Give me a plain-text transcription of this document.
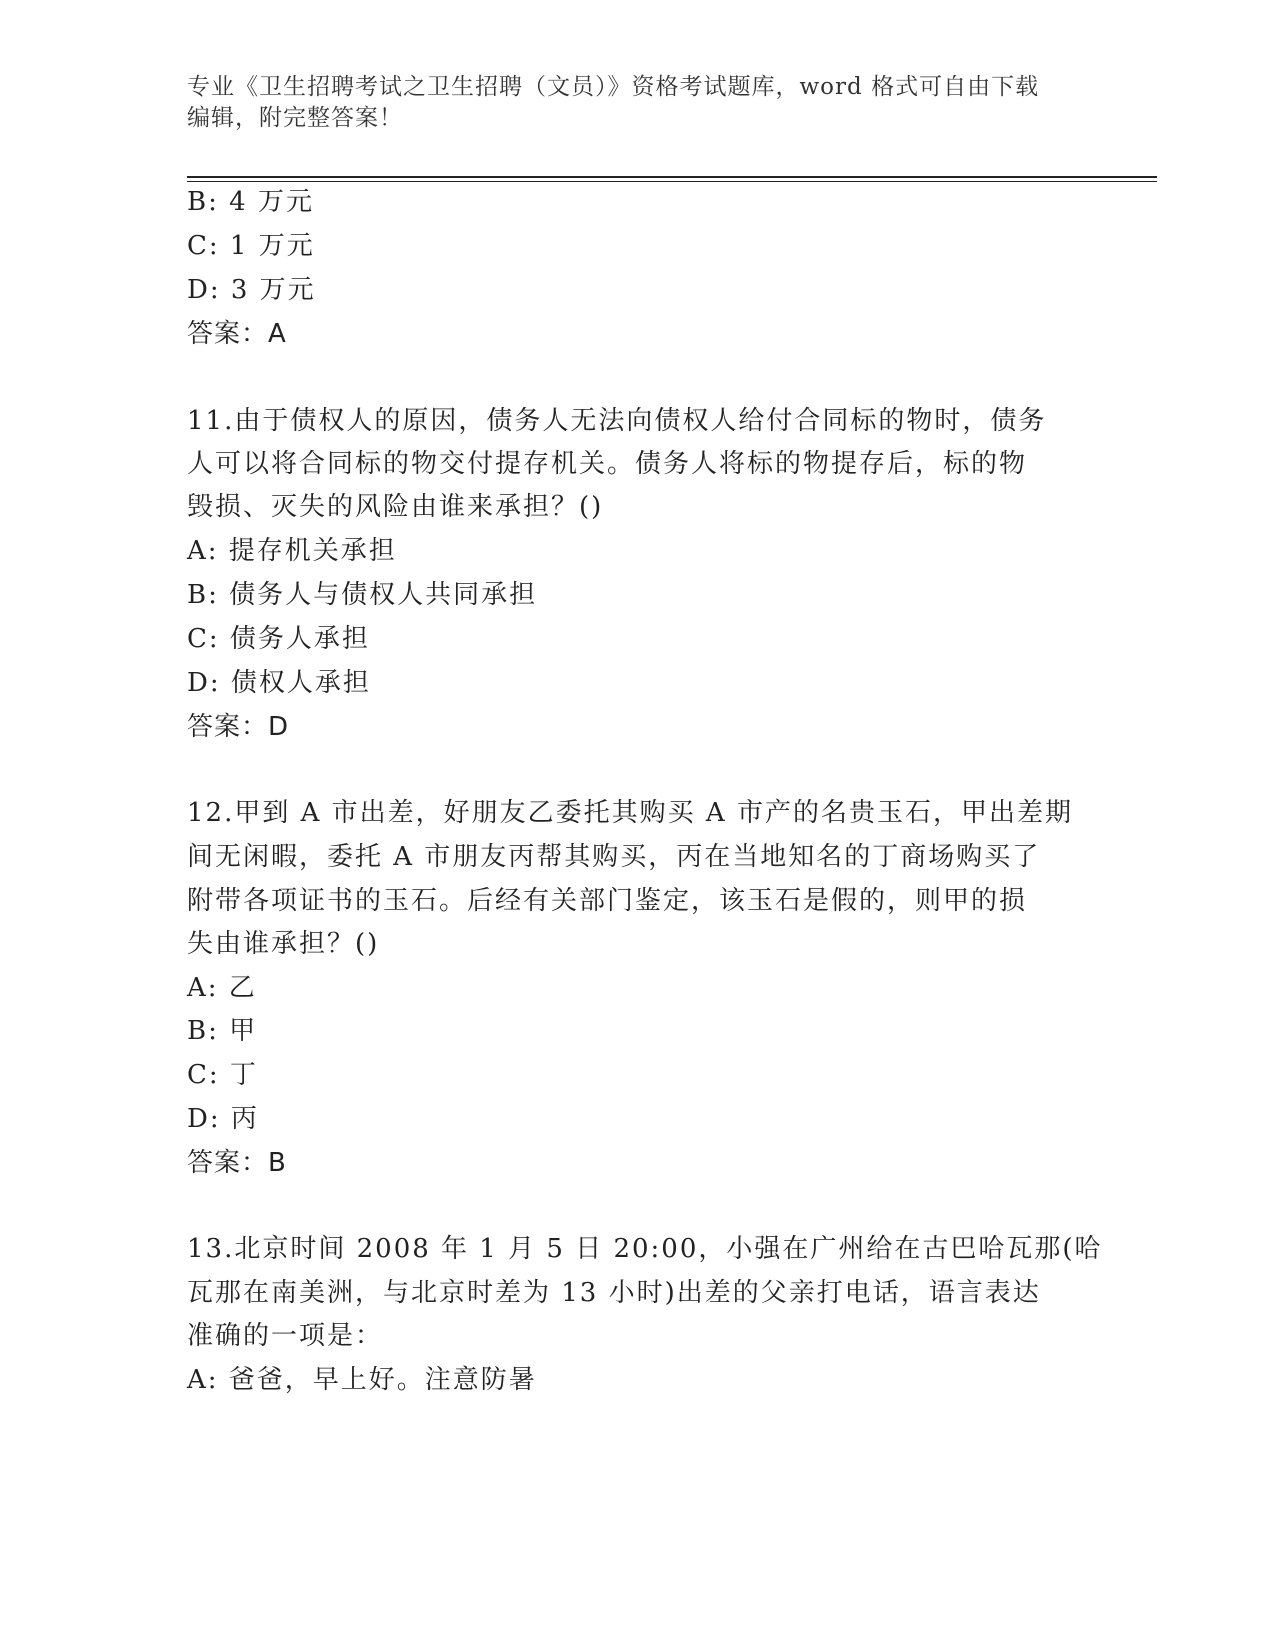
专业《卫生招聘考试之卫生招聘（文员）》资格考试题库，word 格式可自由下载
编辑，附完整答案！
B: 4 万元
C: 1 万元
D: 3 万元
答案：A
11.由于债权人的原因，债务人无法向债权人给付合同标的物时，债务
人可以将合同标的物交付提存机关。债务人将标的物提存后，标的物
毁损、灭失的风险由谁来承担？()
A: 提存机关承担
B: 债务人与债权人共同承担
C: 债务人承担
D: 债权人承担
答案：D
12.甲到 A 市出差，好朋友乙委托其购买 A 市产的名贵玉石，甲出差期
间无闲暇，委托 A 市朋友丙帮其购买，丙在当地知名的丁商场购买了
附带各项证书的玉石。后经有关部门鉴定，该玉石是假的，则甲的损
失由谁承担？()
A: 乙
B: 甲
C: 丁
D: 丙
答案：B
13.北京时间 2008 年 1 月 5 日 20:00，小强在广州给在古巴哈瓦那(哈
瓦那在南美洲，与北京时差为 13 小时)出差的父亲打电话，语言表达
准确的一项是：
A: 爸爸，早上好。注意防暑
